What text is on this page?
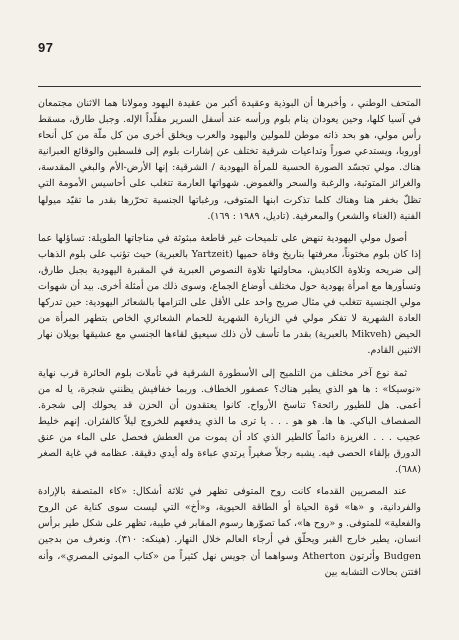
97

المتحف الوطني ، وأخبرها أن البوذية وعقيدة أكبر من عقيدة اليهود ومولانا هما الاثنان مجتمعان في آسيا كلها، وحين يعودان ينام بلوم ورأسه عند أسفل السرير مقلّداً الإله. وجبل طارق، مسقط رأس مولي، هو بحد ذاته موطن للمولين واليهود والعرب ويخلق أخرى من كل ملّة من كل أنحاء أوروبا، ويستدعي صوراً وتداعيات شرقية تختلف عن إشارات بلوم إلى فلسطين والوقائع العبرانية هناك. مولي تجسّد الصورة الحسية للمرأة اليهودية / الشرقية: إنها الأرض-الأم والبغي المقدسة، والغرائز المتوثبة، والرغبة والسحر والغموض. شهواتها العارمة تتغلب على أحاسيس الأمومة التي تظلّ بخفر هنا وهناك كلما تذكرت ابنها المتوفى، ورغباتها الجنسية تحرّرها بقدر ما تقيّد ميولها الفنية (الغناء والشعر) والمعرفية. (تاديل، ١٩٨٩ : ١٦٩).

أصول مولي اليهودية تنهض على تلميحات غير قاطعة مبثوثة في مناجاتها الطويلة: تساؤلها عما إذا كان بلوم مختوناً، معرفتها بتاريخ وفاة حميها (Yartzeit بالعبرية) حيث تؤنب على بلوم الذهاب إلى ضريحه وتلاوة الكاديش، محاولتها تلاوة النصوص العبرية في المقبرة اليهودية بجبل طارق، وتسأورها مع امرأة يهودية حول مختلف أوضاع الجماع، وسوى ذلك من أمثلة أخرى. بيد أن شهوات مولي الجنسية تتغلب في مثال صريح واحد على الأقل على التزامها بالشعائر اليهودية: حين تدركها العادة الشهرية لا تفكر مولي في الزيارة الشهرية للحمام الشعائري الخاص بتطهر المرأة من الحيض (Mikveh بالعبرية) بقدر ما تأسف لأن ذلك سيعيق لقاءها الجنسي مع عشيقها بويلان نهار الاثنين القادم.

ثمة نوع آخر مختلف من التلميح إلى الأسطورة الشرقية في تأملات بلوم الحائرة قرب نهاية «نوسيكا» : ها هو الذي يطير هناك؟ عصفور الخطاف. وربما خفافيش يظنني شجرة، يا له من أعمى. هل للطيور رائحة؟ تناسخ الأرواح. كانوا يعتقدون أن الحزن قد يحولك إلى شجرة. الصفصاف الباكي. ها ها. هو هو . . . يا ترى ما الذي يدفعهم للخروج ليلاً كالفئران. إنهم خليط عجيب . . . الغريزة دائماً كالطير الذي كاد أن يموت من العطش فحصل على الماء من عنق الدورق بإلقاء الحصى فيه. يشبه رجلاً صغيراً يرتدي عباءة وله أيدي دقيقة. عظامه في غاية الصغر (٦٨٨).

عند المصريين القدماء كانت روح المتوفى تظهر في ثلاثة أشكال: «كاء المتصفة بالإرادة والفردانية، و «ها» قوة الحياة أو الطاقة الحيوية، و«أخ» التي ليست سوى كناية عن الروح والفعلية» للمتوفى. و «روح ها»، كما تصوّرها رسوم المقابر في طيبة، تظهر على شكل طير برأس انسان، يطير خارج القبر ويحلّق في أرجاء العالم خلال النهار. (هينكه: ٣١٠). ونعرف من بدجين Budgen وأثرتون Atherton وسواهما أن جويس نهل كثيراً من «كتاب الموتى المصري»، وأنه افتتن بحالات التشابه بين
